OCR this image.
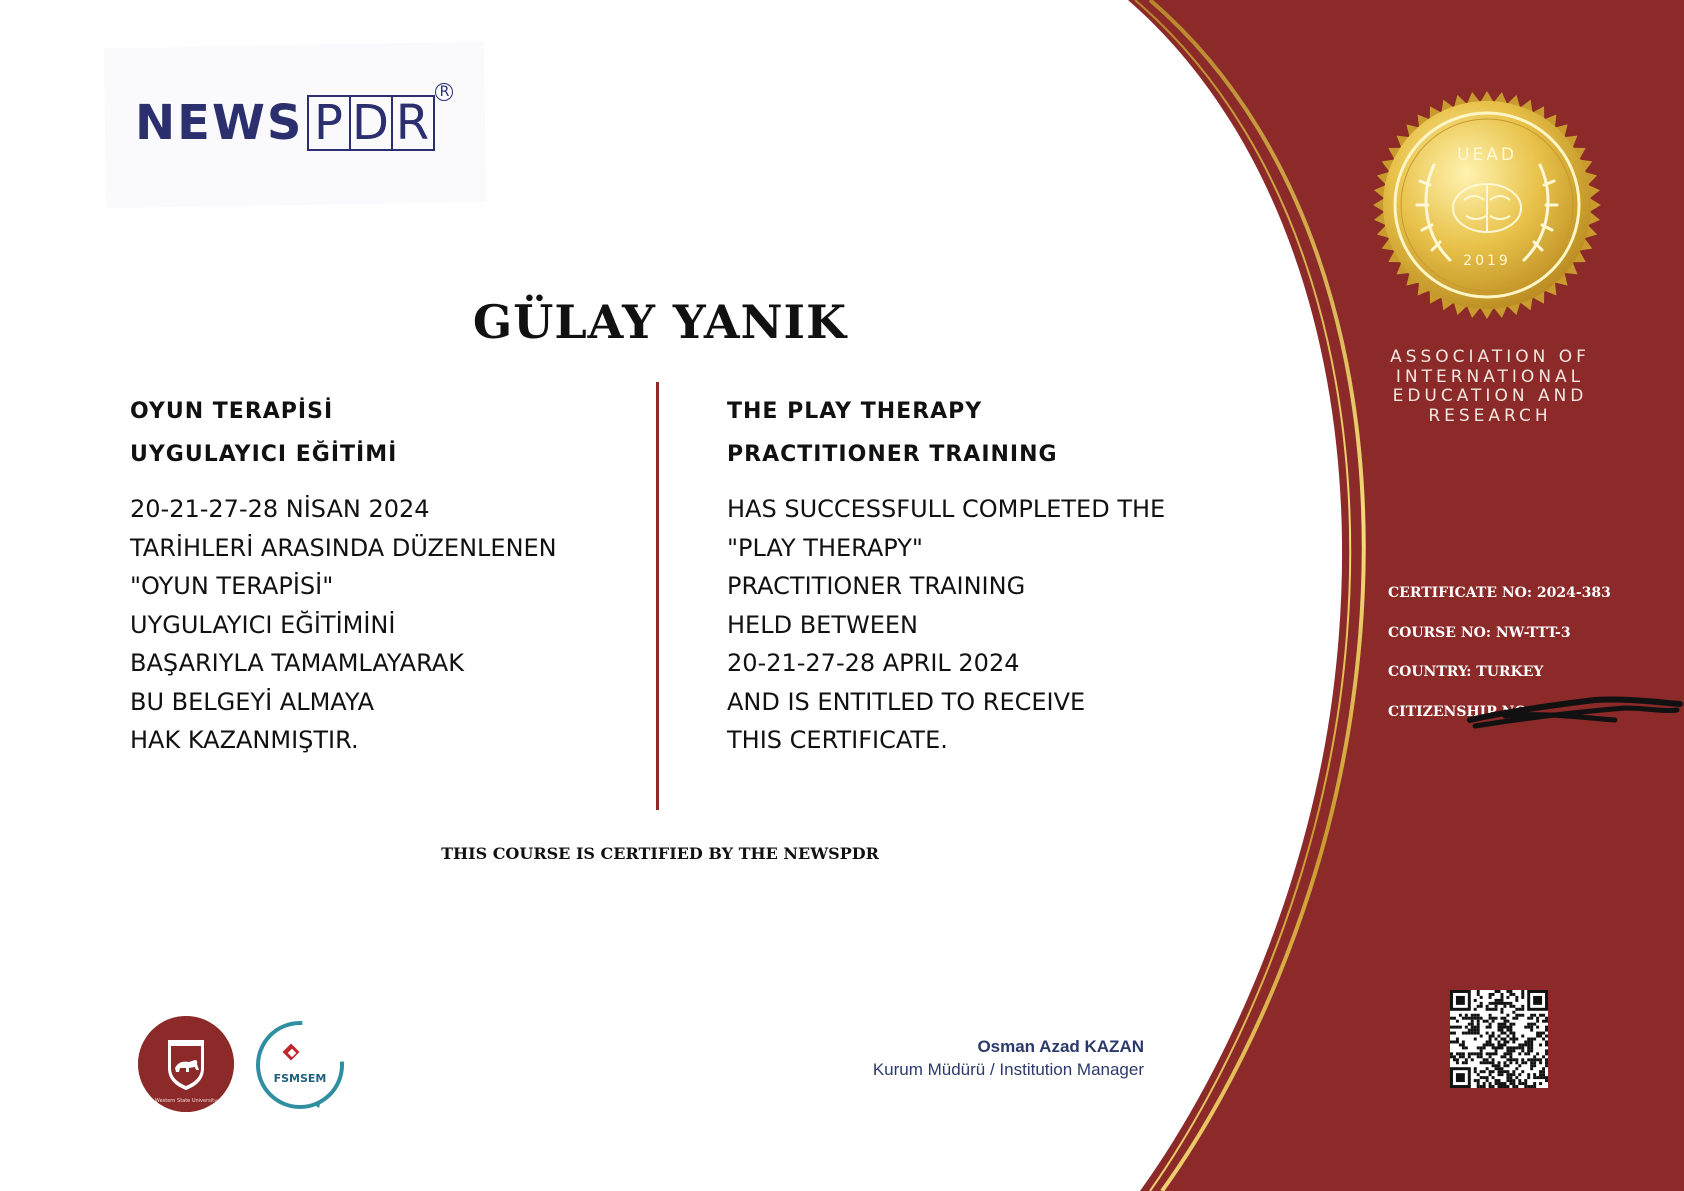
NEWS P D R
R
GÜLAY YANIK
OYUN TERAPİSİ
UYGULAYICI EĞİTİMİ
20-21-27-28 NİSAN 2024
TARİHLERİ ARASINDA DÜZENLENEN
"OYUN TERAPİSİ"
UYGULAYICI EĞİTİMİNİ
BAŞARIYLA TAMAMLAYARAK
BU BELGEYİ ALMAYA
HAK KAZANMIŞTIR.
THE PLAY THERAPY
PRACTITIONER TRAINING
HAS SUCCESSFULL COMPLETED THE
"PLAY THERAPY"
PRACTITIONER TRAINING
HELD BETWEEN
20-21-27-28 APRIL 2024
AND IS ENTITLED TO RECEIVE
THIS CERTIFICATE.
THIS COURSE IS CERTIFIED BY THE NEWSPDR
UEAD
2019
ASSOCIATION OF
INTERNATIONAL
EDUCATION AND
RESEARCH
CERTIFICATE NO: 2024-383
COURSE NO: NW-TTT-3
COUNTRY: TURKEY
CITIZENSHIP NO:
Osman Azad KAZAN
Kurum Müdürü / Institution Manager
Western State University
FSMSEM
